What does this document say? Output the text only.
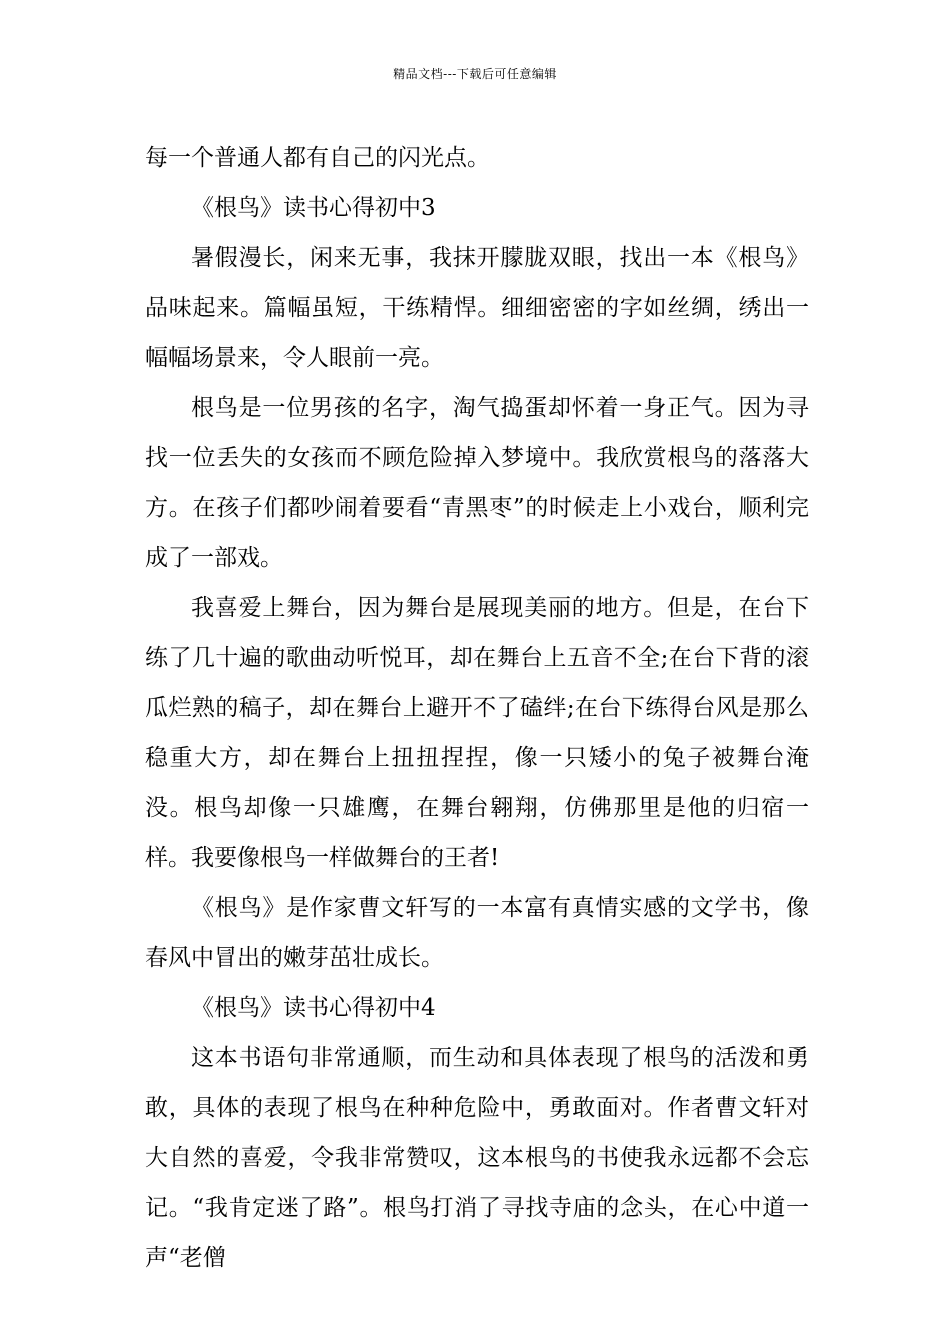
精品文档---下载后可任意编辑

每一个普通人都有自己的闪光点。

《根鸟》读书心得初中3

暑假漫长，闲来无事，我抹开朦胧双眼，找出一本《根鸟》品味起来。篇幅虽短，干练精悍。细细密密的字如丝绸，绣出一幅幅场景来，令人眼前一亮。

根鸟是一位男孩的名字，淘气捣蛋却怀着一身正气。因为寻找一位丢失的女孩而不顾危险掉入梦境中。我欣赏根鸟的落落大方。在孩子们都吵闹着要看“青黑枣”的时候走上小戏台，顺利完成了一部戏。

我喜爱上舞台，因为舞台是展现美丽的地方。但是，在台下练了几十遍的歌曲动听悦耳，却在舞台上五音不全;在台下背的滚瓜烂熟的稿子，却在舞台上避开不了磕绊;在台下练得台风是那么稳重大方，却在舞台上扭扭捏捏，像一只矮小的兔子被舞台淹没。根鸟却像一只雄鹰，在舞台翱翔，仿佛那里是他的归宿一样。我要像根鸟一样做舞台的王者!

《根鸟》是作家曹文轩写的一本富有真情实感的文学书，像春风中冒出的嫩芽茁壮成长。

《根鸟》读书心得初中4

这本书语句非常通顺，而生动和具体表现了根鸟的活泼和勇敢，具体的表现了根鸟在种种危险中，勇敢面对。作者曹文轩对大自然的喜爱，令我非常赞叹，这本根鸟的书使我永远都不会忘记。“我肯定迷了路”。根鸟打消了寻找寺庙的念头，在心中道一声“老僧
